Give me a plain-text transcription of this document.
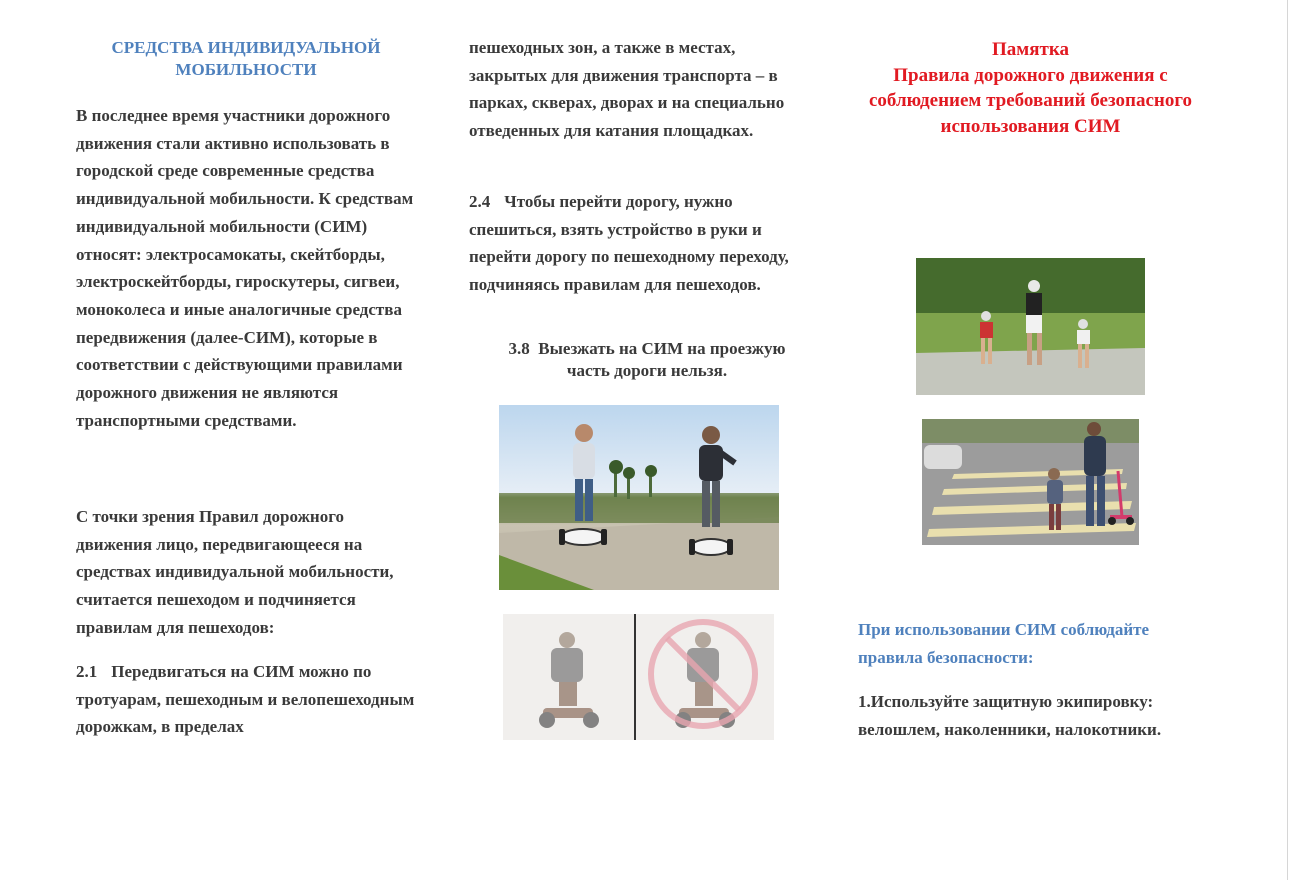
СРЕДСТВА ИНДИВИДУАЛЬНОЙ МОБИЛЬНОСТИ

В последнее время участники дорожного движения стали активно использовать в городской среде современные средства индивидуальной мобильности. К средствам индивидуальной мобильности (СИМ) относят: электросамокаты, скейтборды, электроскейтборды, гироскутеры, сигвеи, моноколеса и иные аналогичные средства передвижения (далее-СИМ), которые в соответствии с действующими правилами дорожного движения не являются транспортными средствами.

С точки зрения Правил дорожного движения лицо, передвигающееся на средствах индивидуальной мобильности, считается пешеходом и подчиняется правилам для пешеходов:

2.1 Передвигаться на СИМ можно по тротуарам, пешеходным и велопешеходным дорожкам, в пределах

пешеходных зон, а также в местах, закрытых для движения транспорта – в парках, скверах, дворах и на специально отведенных для катания площадках.

2.4 Чтобы перейти дорогу, нужно спешиться, взять устройство в руки и перейти дорогу по пешеходному переходу, подчиняясь правилам для пешеходов.

3.8 Выезжать на СИМ на проезжую часть дороги нельзя.

Памятка
Правила дорожного движения с соблюдением требований безопасного использования СИМ

При использовании СИМ соблюдайте правила безопасности:

1.Используйте защитную экипировку: велошлем, наколенники, налокотники.
